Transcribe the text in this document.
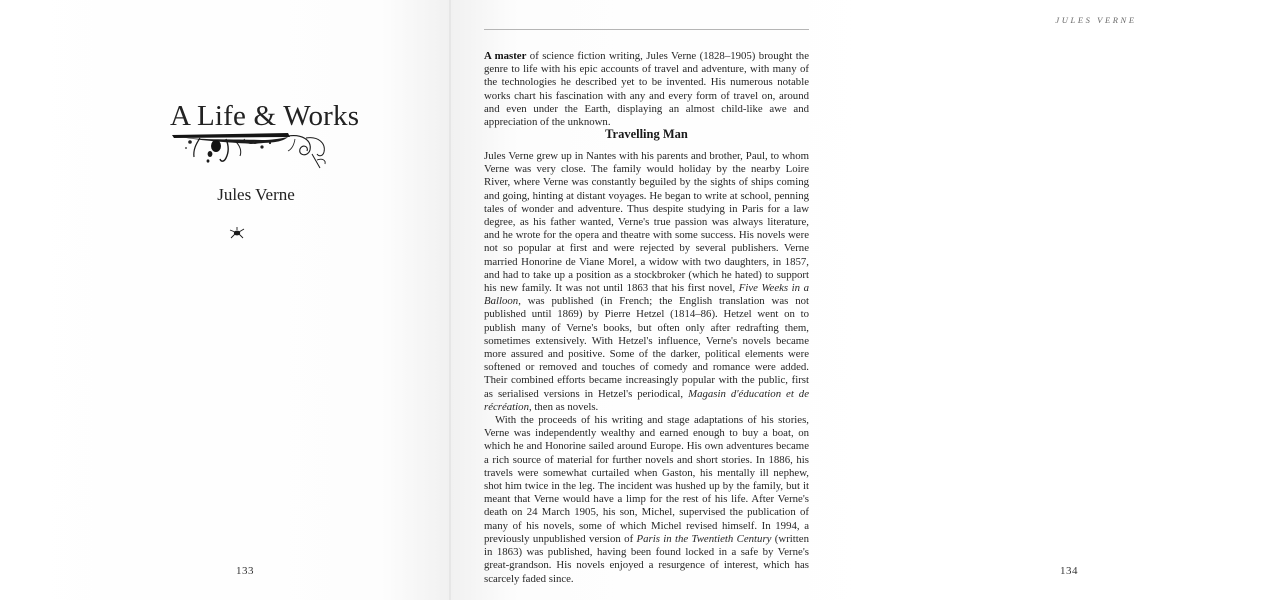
A Life & Works
Jules Verne
133
JULES VERNE
134

A master of science fiction writing, Jules Verne (1828–1905) brought the genre to life with his epic accounts of travel and adventure, with many of the technologies he described yet to be invented. His numerous notable works chart his fascination with any and every form of travel on, around and even under the Earth, displaying an almost child-like awe and appreciation of the unknown.

Travelling Man

Jules Verne grew up in Nantes with his parents and brother, Paul, to whom Verne was very close. The family would holiday by the nearby Loire River, where Verne was constantly beguiled by the sights of ships coming and going, hinting at distant voyages. He began to write at school, penning tales of wonder and adventure. Thus despite studying in Paris for a law degree, as his father wanted, Verne's true passion was always literature, and he wrote for the opera and theatre with some success. His novels were not so popular at first and were rejected by several publishers. Verne married Honorine de Viane Morel, a widow with two daughters, in 1857, and had to take up a position as a stockbroker (which he hated) to support his new family. It was not until 1863 that his first novel, Five Weeks in a Balloon, was published (in French; the English translation was not published until 1869) by Pierre Hetzel (1814–86). Hetzel went on to publish many of Verne's books, but often only after redrafting them, sometimes extensively. With Hetzel's influence, Verne's novels became more assured and positive. Some of the darker, political elements were softened or removed and touches of comedy and romance were added. Their combined efforts became increasingly popular with the public, first as serialised versions in Hetzel's periodical, Magasin d'éducation et de récréation, then as novels.

With the proceeds of his writing and stage adaptations of his stories, Verne was independently wealthy and earned enough to buy a boat, on which he and Honorine sailed around Europe. His own adventures became a rich source of material for further novels and short stories. In 1886, his travels were somewhat curtailed when Gaston, his mentally ill nephew, shot him twice in the leg. The incident was hushed up by the family, but it meant that Verne would have a limp for the rest of his life. After Verne's death on 24 March 1905, his son, Michel, supervised the publication of many of his novels, some of which Michel revised himself. In 1994, a previously unpublished version of Paris in the Twentieth Century (written in 1863) was published, having been found locked in a safe by Verne's great-grandson. His novels enjoyed a resurgence of interest, which has scarcely faded since.
